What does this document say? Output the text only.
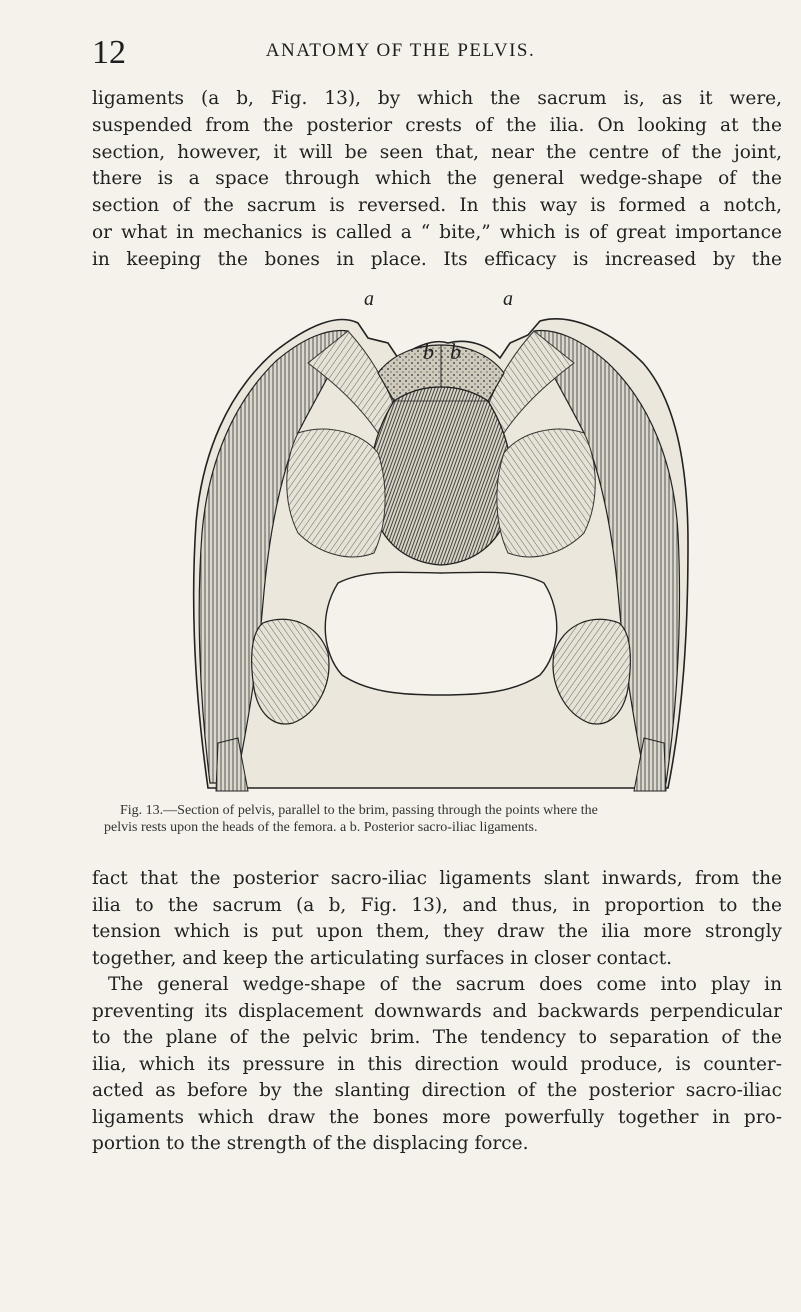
12	ANATOMY OF THE PELVIS.
ligaments (a b, Fig. 13), by which the sacrum is, as it were,
suspended from the posterior crests of the ilia. On looking at the
section, however, it will be seen that, near the centre of the joint,
there is a space through which the general wedge-shape of the
section of the sacrum is reversed. In this way is formed a notch,
or what in mechanics is called a “ bite,” which is of great importance
in keeping the bones in place. Its efficacy is increased by the
a	a
b b
Fig. 13.—Section of pelvis, parallel to the brim, passing through the points where the
pelvis rests upon the heads of the femora. a b. Posterior sacro-iliac ligaments.
fact that the posterior sacro-iliac ligaments slant inwards, from the
ilia to the sacrum (a b, Fig. 13), and thus, in proportion to the
tension which is put upon them, they draw the ilia more strongly
together, and keep the articulating surfaces in closer contact.
The general wedge-shape of the sacrum does come into play in
preventing its displacement downwards and backwards perpendicular
to the plane of the pelvic brim. The tendency to separation of the
ilia, which its pressure in this direction would produce, is counter-
acted as before by the slanting direction of the posterior sacro-iliac
ligaments which draw the bones more powerfully together in pro-
portion to the strength of the displacing force.
